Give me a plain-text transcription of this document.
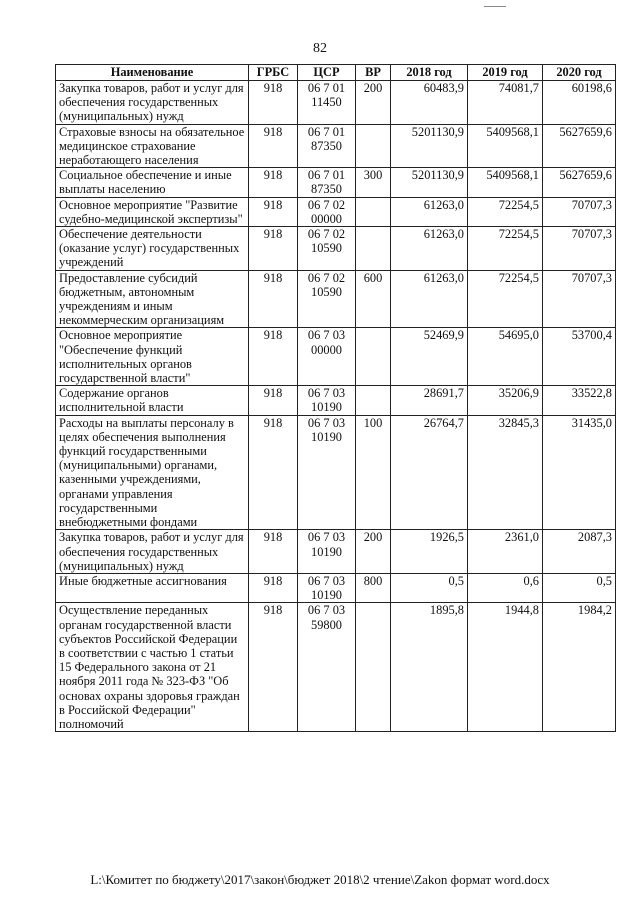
82
Наименование	ГРБС	ЦСР	ВР	2018 год	2019 год	2020 год
Закупка товаров, работ и услуг для обеспечения государственных (муниципальных) нужд	918	06 7 01 11450	200	60483,9	74081,7	60198,6
Страховые взносы на обязательное медицинское страхование неработающего населения	918	06 7 01 87350		5201130,9	5409568,1	5627659,6
Социальное обеспечение и иные выплаты населению	918	06 7 01 87350	300	5201130,9	5409568,1	5627659,6
Основное мероприятие "Развитие судебно-медицинской экспертизы"	918	06 7 02 00000		61263,0	72254,5	70707,3
Обеспечение деятельности (оказание услуг) государственных учреждений	918	06 7 02 10590		61263,0	72254,5	70707,3
Предоставление субсидий бюджетным, автономным учреждениям и иным некоммерческим организациям	918	06 7 02 10590	600	61263,0	72254,5	70707,3
Основное мероприятие "Обеспечение функций исполнительных органов государственной власти"	918	06 7 03 00000		52469,9	54695,0	53700,4
Содержание органов исполнительной власти	918	06 7 03 10190		28691,7	35206,9	33522,8
Расходы на выплаты персоналу в целях обеспечения выполнения функций государственными (муниципальными) органами, казенными учреждениями, органами управления государственными внебюджетными фондами	918	06 7 03 10190	100	26764,7	32845,3	31435,0
Закупка товаров, работ и услуг для обеспечения государственных (муниципальных) нужд	918	06 7 03 10190	200	1926,5	2361,0	2087,3
Иные бюджетные ассигнования	918	06 7 03 10190	800	0,5	0,6	0,5
Осуществление переданных органам государственной власти субъектов Российской Федерации в соответствии с частью 1 статьи 15 Федерального закона от 21 ноября 2011 года № 323-ФЗ "Об основах охраны здоровья граждан в Российской Федерации" полномочий	918	06 7 03 59800		1895,8	1944,8	1984,2
L:\Комитет по бюджету\2017\закон\бюджет 2018\2 чтение\Zakon формат word.docx
